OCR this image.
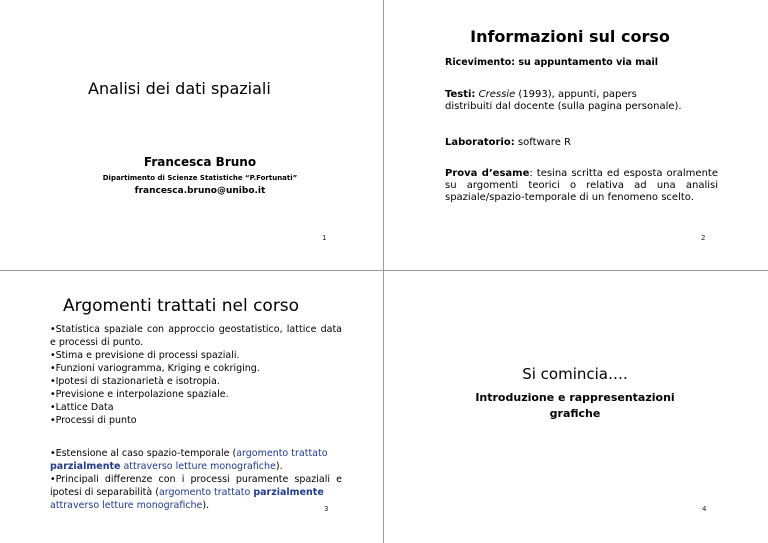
Analisi dei dati spaziali
Francesca Bruno
Dipartimento di Scienze Statistiche “P.Fortunati”
francesca.bruno@unibo.it
1
Informazioni sul corso
Ricevimento: su appuntamento via mail
Testi: Cressie (1993), appunti, papers
distribuiti dal docente (sulla pagina personale).
Laboratorio: software R
Prova d’esame: tesina scritta ed esposta oralmente su argomenti teorici o relativa ad una analisi spaziale/spazio-temporale di un fenomeno scelto.
2
Argomenti trattati nel corso
•Statistica spaziale con approccio geostatistico, lattice data e processi di punto.
•Stima e previsione di processi spaziali.
•Funzioni variogramma, Kriging e cokriging.
•Ipotesi di stazionarietà e isotropia.
•Previsione e interpolazione spaziale.
•Lattice Data
•Processi di punto
•Estensione al caso spazio-temporale (argomento trattato
parzialmente attraverso letture monografiche).
•Principali differenze con i processi puramente spaziali e ipotesi di separabilità (argomento trattato parzialmente
attraverso letture monografiche).	3
Si comincia….
Introduzione e rappresentazioni
grafiche
4
